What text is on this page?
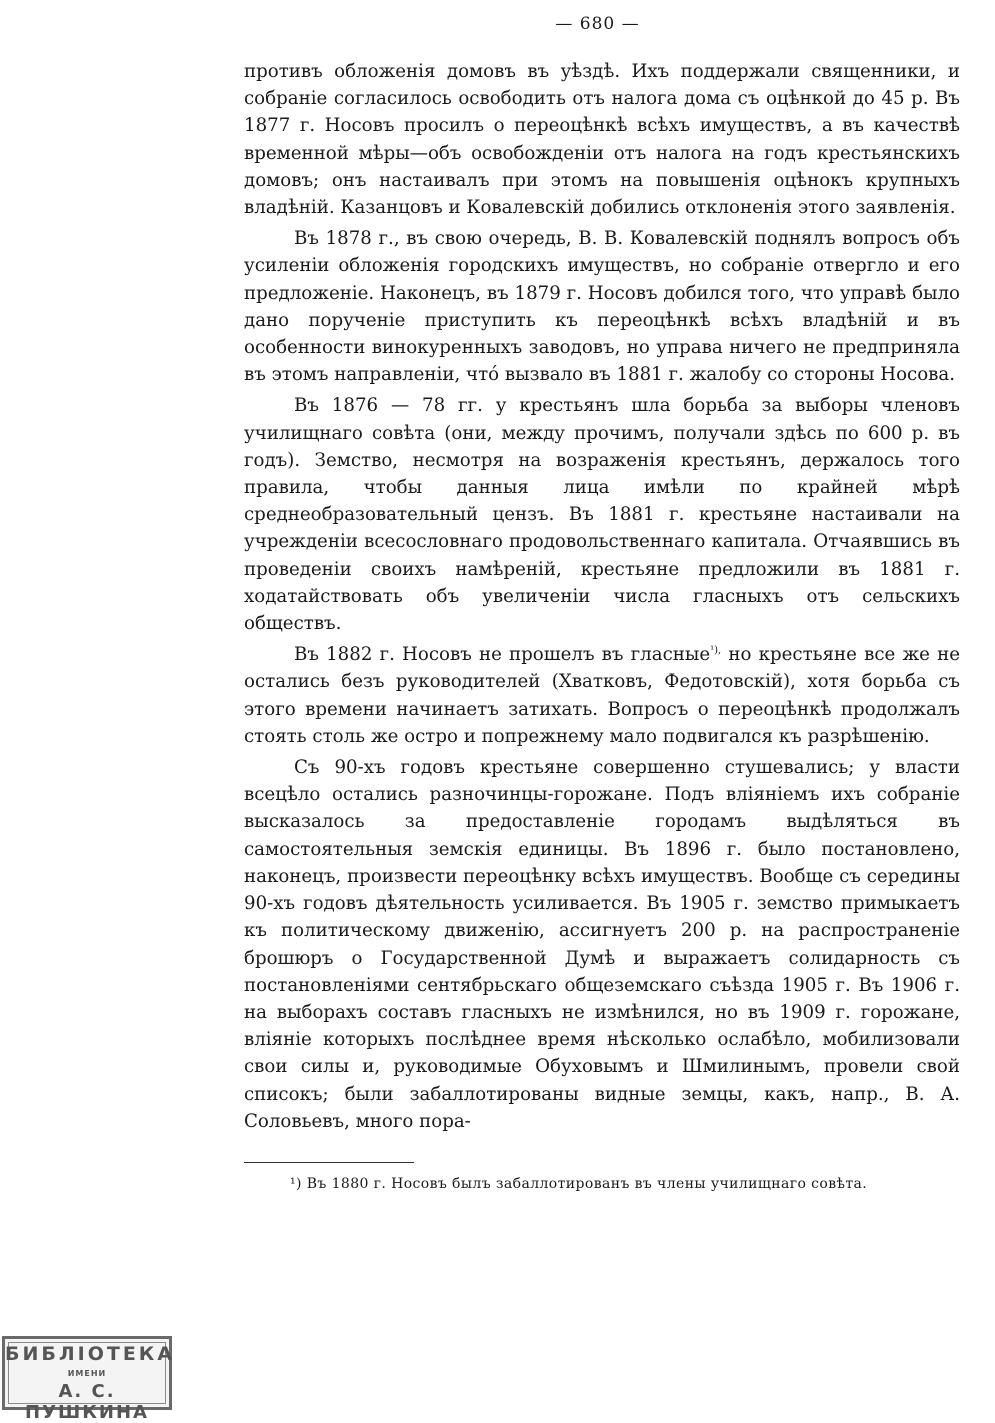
— 680 —

противъ обложенія домовъ въ уѣздѣ. Ихъ поддержали священники, и собраніе согласилось освободить отъ налога дома съ оцѣнкой до 45 р. Въ 1877 г. Носовъ просилъ о переоцѣнкѣ всѣхъ имуществъ, а въ качествѣ временной мѣры—объ освобожденіи отъ налога на годъ крестьянскихъ домовъ; онъ настаивалъ при этомъ на повышенія оцѣнокъ крупныхъ владѣній. Казанцовъ и Ковалевскій добились отклоненія этого заявленія.

Въ 1878 г., въ свою очередь, В. В. Ковалевскій поднялъ вопросъ объ усиленіи обложенія городскихъ имуществъ, но собраніе отвергло и его предложеніе. Наконецъ, въ 1879 г. Носовъ добился того, что управѣ было дано порученіе приступить къ переоцѣнкѣ всѣхъ владѣній и въ особенности винокуренныхъ заводовъ, но управа ничего не предприняла въ этомъ направленіи, что́ вызвало въ 1881 г. жалобу со стороны Носова.

Въ 1876 — 78 гг. у крестьянъ шла борьба за выборы членовъ училищнаго совѣта (они, между прочимъ, получали здѣсь по 600 р. въ годъ). Земство, несмотря на возраженія крестьянъ, держалось того правила, чтобы данныя лица имѣли по крайней мѣрѣ среднеобразовательный цензъ. Въ 1881 г. крестьяне настаивали на учрежденіи всесословнаго продовольственнаго капитала. Отчаявшись въ проведеніи своихъ намѣреній, крестьяне предложили въ 1881 г. ходатайствовать объ увеличеніи числа гласныхъ отъ сельскихъ обществъ.

Въ 1882 г. Носовъ не прошелъ въ гласные$^{^1),}$ но крестьяне все же не остались безъ руководителей (Хватковъ, Федотовскій), хотя борьба съ этого времени начинаетъ затихать. Вопросъ о переоцѣнкѣ продолжалъ стоять столь же остро и попрежнему мало подвигался къ разрѣшенію.

Съ 90-хъ годовъ крестьяне совершенно стушевались; у власти всецѣло остались разночинцы-горожане. Подъ вліяніемъ ихъ собраніе высказалось за предоставленіе городамъ выдѣляться въ самостоятельныя земскія единицы. Въ 1896 г. было постановлено, наконецъ, произвести переоцѣнку всѣхъ имуществъ. Вообще съ середины 90-хъ годовъ дѣятельность усиливается. Въ 1905 г. земство примыкаетъ къ политическому движенію, ассигнуетъ 200 р. на распространеніе брошюръ о Государственной Думѣ и выражаетъ солидарность съ постановленіями сентябрьскаго общеземскаго съѣзда 1905 г. Въ 1906 г. на выборахъ составъ гласныхъ не измѣнился, но въ 1909 г. горожане, вліяніе которыхъ послѣднее время нѣсколько ослабѣло, мобилизовали свои силы и, руководимые Обуховымъ и Шмилинымъ, провели свой списокъ; были забаллотированы видные земцы, какъ, напр., В. А. Соловьевъ, много пора-

¹) Въ 1880 г. Носовъ былъ забаллотированъ въ члены училищнаго совѣта.
БИБЛІОТЕКА
ИМЕНИ
А. С. ПУШКИНА
